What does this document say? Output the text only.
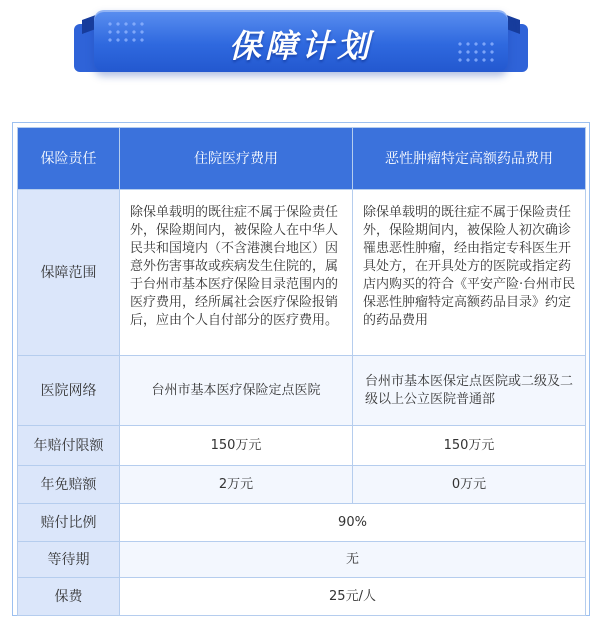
保障计划
保险责任	住院医疗费用	恶性肿瘤特定高额药品费用
保障范围	除保单载明的既往症不属于保险责任外，保险期间内，被保险人在中华人民共和国境内（不含港澳台地区）因意外伤害事故或疾病发生住院的，属于台州市基本医疗保险目录范围内的医疗费用，经所属社会医疗保险报销后，应由个人自付部分的医疗费用。	除保单载明的既往症不属于保险责任外，保险期间内，被保险人初次确诊罹患恶性肿瘤，经由指定专科医生开具处方，在开具处方的医院或指定药店内购买的符合《平安产险·台州市民保恶性肿瘤特定高额药品目录》约定的药品费用
医院网络	台州市基本医疗保险定点医院	台州市基本医保定点医院或二级及二级以上公立医院普通部
年赔付限额	150万元	150万元
年免赔额	2万元	0万元
赔付比例	90%	
等待期	无	
保费	25元/人	
